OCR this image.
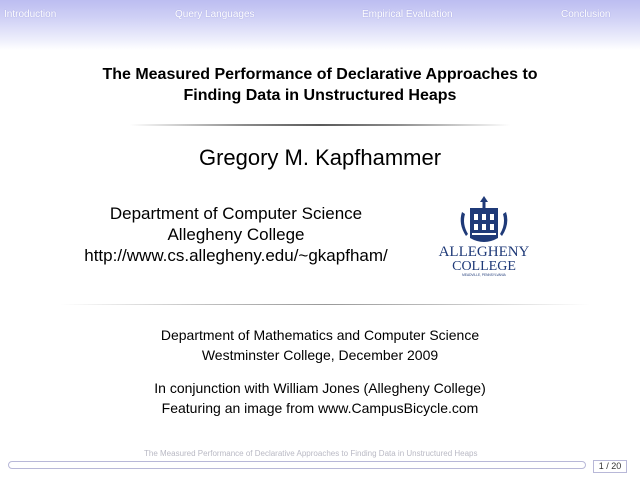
Introduction	Query Languages	Empirical Evaluation	Conclusion
The Measured Performance of Declarative Approaches to
Finding Data in Unstructured Heaps
Gregory M. Kapfhammer
Department of Computer Science
Allegheny College
http://www.cs.allegheny.edu/~gkapfham/	ALLEGHENY
COLLEGE
MEADVILLE, PENNSYLVANIA
Department of Mathematics and Computer Science
Westminster College, December 2009
In conjunction with William Jones (Allegheny College)
Featuring an image from www.CampusBicycle.com
The Measured Performance of Declarative Approaches to Finding Data in Unstructured Heaps
1 / 20
